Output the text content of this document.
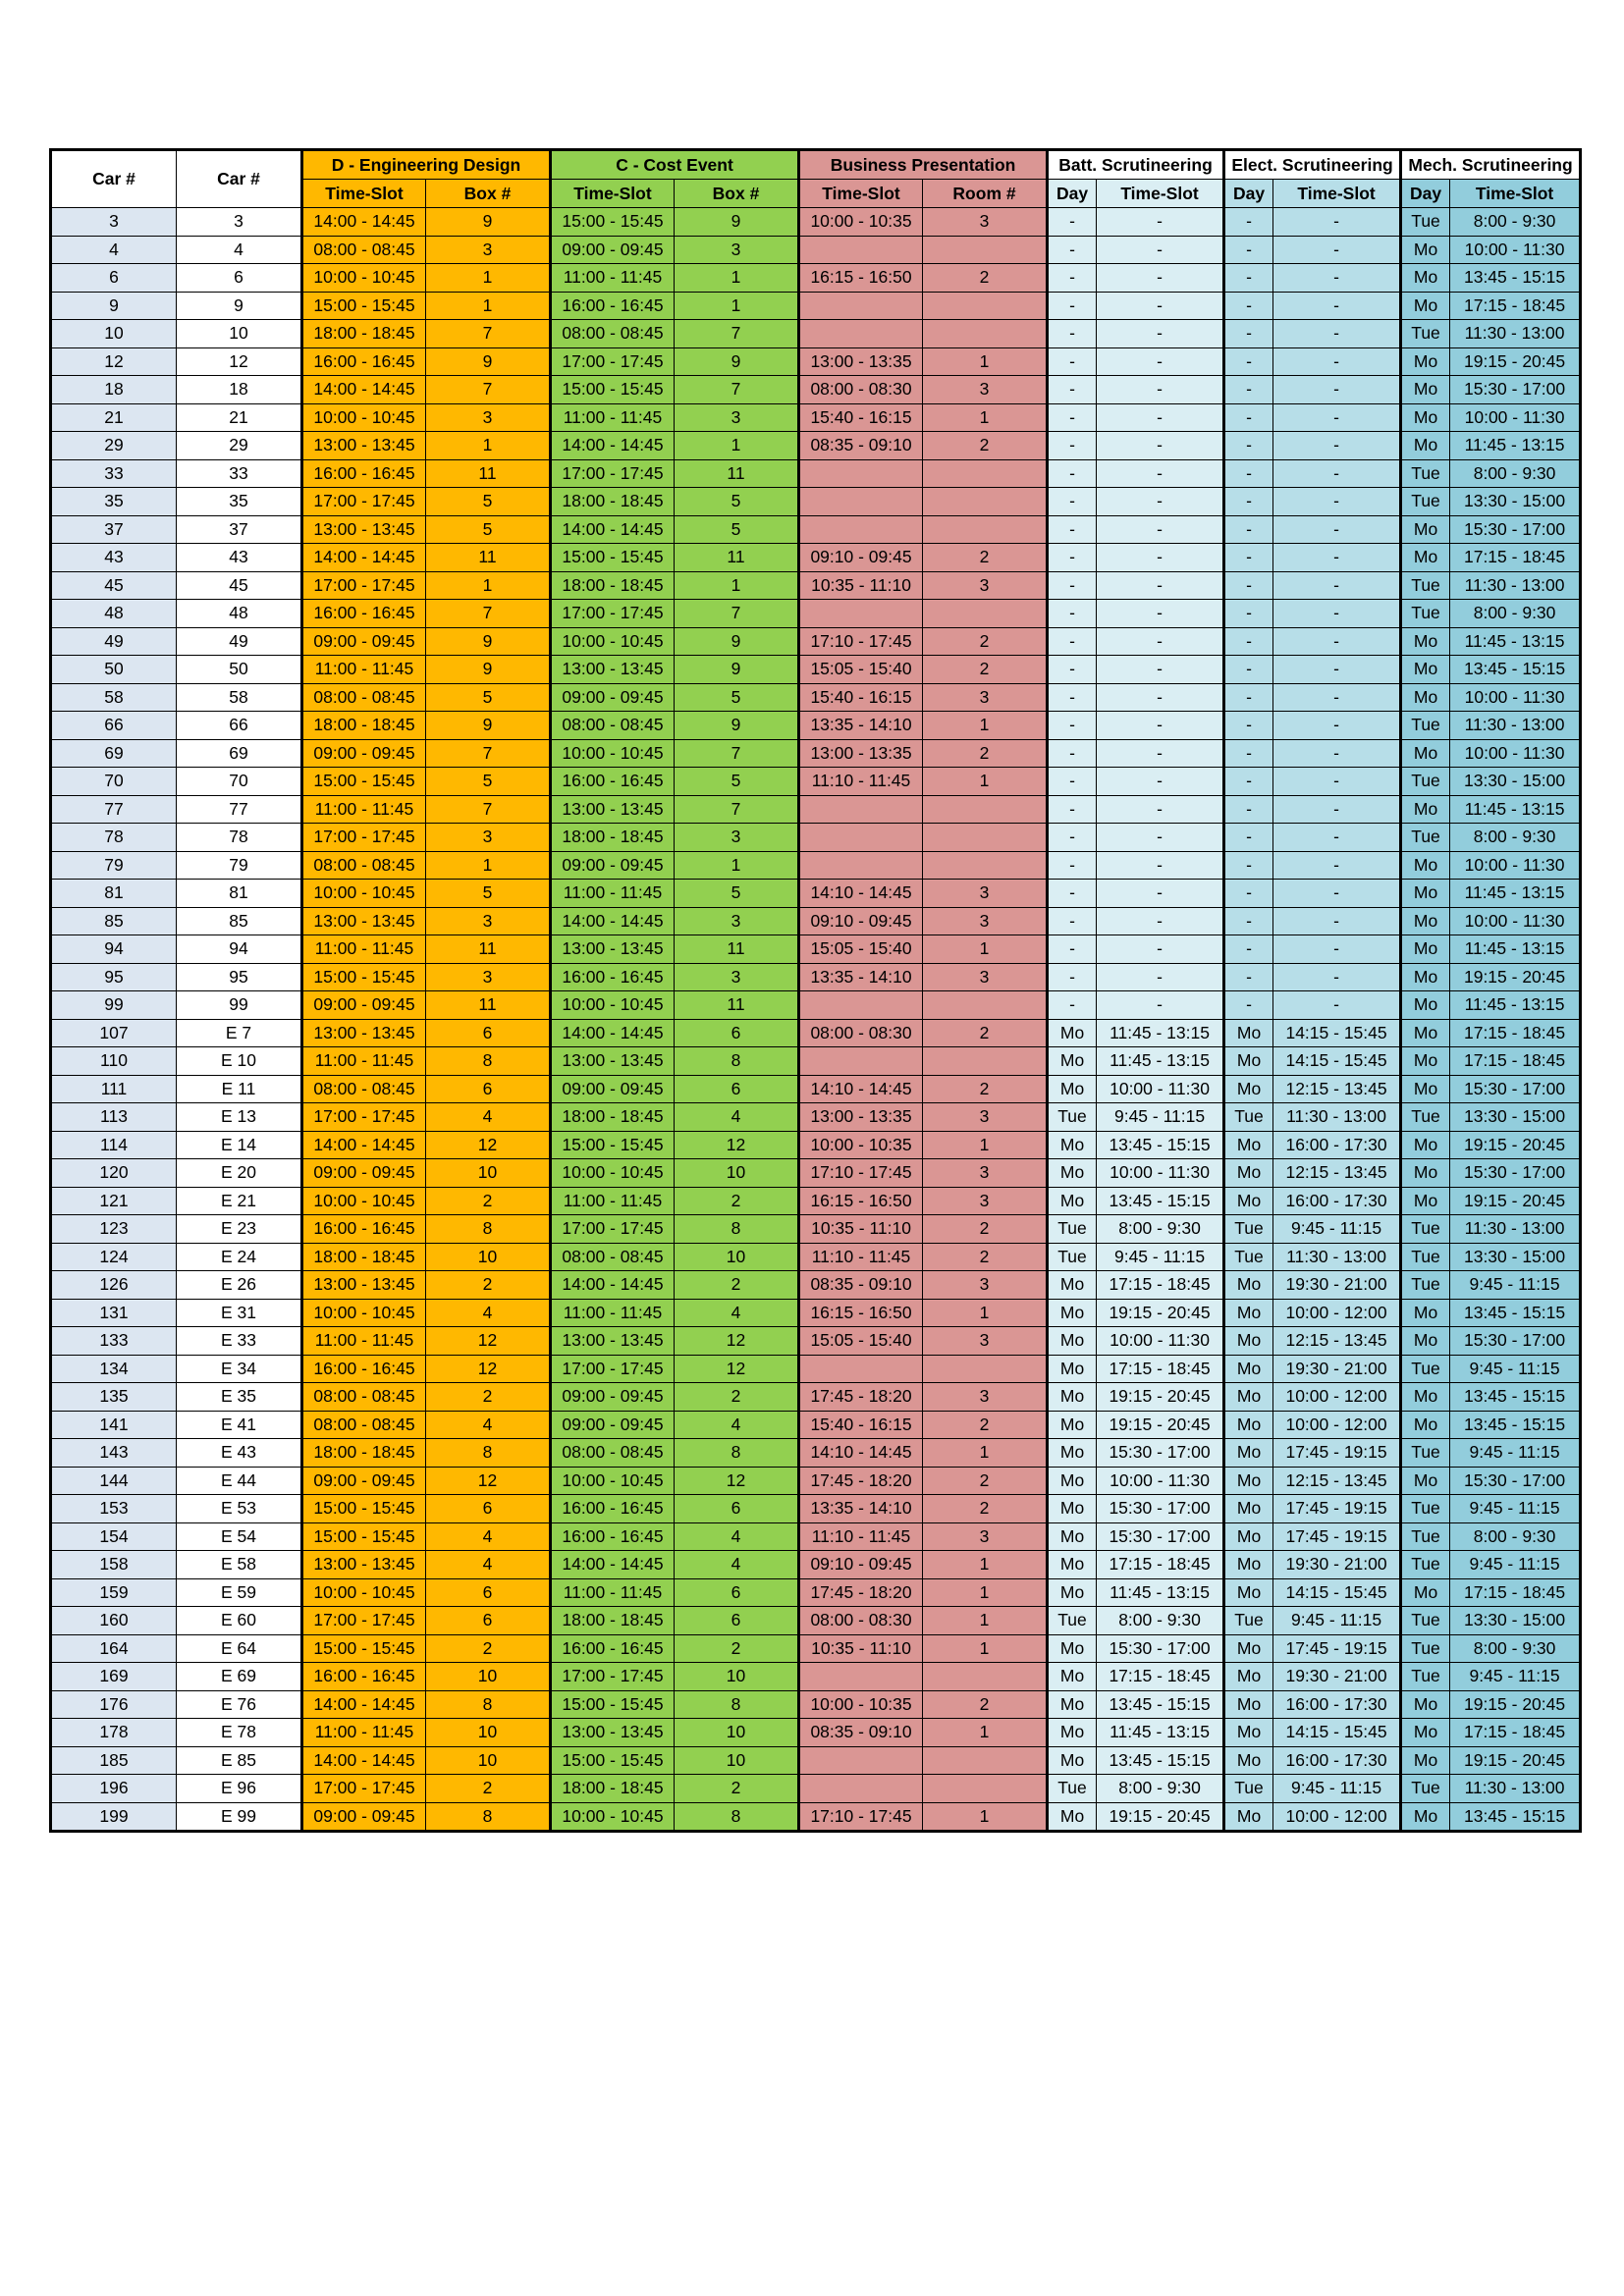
Car #	Car #	D - Engineering Design		C - Cost Event		Business Presentation		Batt. Scrutineering		Elect. Scrutineering		Mech. Scrutineering	
		Time-Slot	Box #	Time-Slot	Box #	Time-Slot	Room #	Day	Time-Slot	Day	Time-Slot	Day	Time-Slot
3	3	14:00 - 14:45	9	15:00 - 15:45	9	10:00 - 10:35	3	-	-	-	-	Tue	8:00 - 9:30
4	4	08:00 - 08:45	3	09:00 - 09:45	3			-	-	-	-	Mo	10:00 - 11:30
6	6	10:00 - 10:45	1	11:00 - 11:45	1	16:15 - 16:50	2	-	-	-	-	Mo	13:45 - 15:15
9	9	15:00 - 15:45	1	16:00 - 16:45	1			-	-	-	-	Mo	17:15 - 18:45
10	10	18:00 - 18:45	7	08:00 - 08:45	7			-	-	-	-	Tue	11:30 - 13:00
12	12	16:00 - 16:45	9	17:00 - 17:45	9	13:00 - 13:35	1	-	-	-	-	Mo	19:15 - 20:45
18	18	14:00 - 14:45	7	15:00 - 15:45	7	08:00 - 08:30	3	-	-	-	-	Mo	15:30 - 17:00
21	21	10:00 - 10:45	3	11:00 - 11:45	3	15:40 - 16:15	1	-	-	-	-	Mo	10:00 - 11:30
29	29	13:00 - 13:45	1	14:00 - 14:45	1	08:35 - 09:10	2	-	-	-	-	Mo	11:45 - 13:15
33	33	16:00 - 16:45	11	17:00 - 17:45	11			-	-	-	-	Tue	8:00 - 9:30
35	35	17:00 - 17:45	5	18:00 - 18:45	5			-	-	-	-	Tue	13:30 - 15:00
37	37	13:00 - 13:45	5	14:00 - 14:45	5			-	-	-	-	Mo	15:30 - 17:00
43	43	14:00 - 14:45	11	15:00 - 15:45	11	09:10 - 09:45	2	-	-	-	-	Mo	17:15 - 18:45
45	45	17:00 - 17:45	1	18:00 - 18:45	1	10:35 - 11:10	3	-	-	-	-	Tue	11:30 - 13:00
48	48	16:00 - 16:45	7	17:00 - 17:45	7			-	-	-	-	Tue	8:00 - 9:30
49	49	09:00 - 09:45	9	10:00 - 10:45	9	17:10 - 17:45	2	-	-	-	-	Mo	11:45 - 13:15
50	50	11:00 - 11:45	9	13:00 - 13:45	9	15:05 - 15:40	2	-	-	-	-	Mo	13:45 - 15:15
58	58	08:00 - 08:45	5	09:00 - 09:45	5	15:40 - 16:15	3	-	-	-	-	Mo	10:00 - 11:30
66	66	18:00 - 18:45	9	08:00 - 08:45	9	13:35 - 14:10	1	-	-	-	-	Tue	11:30 - 13:00
69	69	09:00 - 09:45	7	10:00 - 10:45	7	13:00 - 13:35	2	-	-	-	-	Mo	10:00 - 11:30
70	70	15:00 - 15:45	5	16:00 - 16:45	5	11:10 - 11:45	1	-	-	-	-	Tue	13:30 - 15:00
77	77	11:00 - 11:45	7	13:00 - 13:45	7			-	-	-	-	Mo	11:45 - 13:15
78	78	17:00 - 17:45	3	18:00 - 18:45	3			-	-	-	-	Tue	8:00 - 9:30
79	79	08:00 - 08:45	1	09:00 - 09:45	1			-	-	-	-	Mo	10:00 - 11:30
81	81	10:00 - 10:45	5	11:00 - 11:45	5	14:10 - 14:45	3	-	-	-	-	Mo	11:45 - 13:15
85	85	13:00 - 13:45	3	14:00 - 14:45	3	09:10 - 09:45	3	-	-	-	-	Mo	10:00 - 11:30
94	94	11:00 - 11:45	11	13:00 - 13:45	11	15:05 - 15:40	1	-	-	-	-	Mo	11:45 - 13:15
95	95	15:00 - 15:45	3	16:00 - 16:45	3	13:35 - 14:10	3	-	-	-	-	Mo	19:15 - 20:45
99	99	09:00 - 09:45	11	10:00 - 10:45	11			-	-	-	-	Mo	11:45 - 13:15
107	E 7	13:00 - 13:45	6	14:00 - 14:45	6	08:00 - 08:30	2	Mo	11:45 - 13:15	Mo	14:15 - 15:45	Mo	17:15 - 18:45
110	E 10	11:00 - 11:45	8	13:00 - 13:45	8			Mo	11:45 - 13:15	Mo	14:15 - 15:45	Mo	17:15 - 18:45
111	E 11	08:00 - 08:45	6	09:00 - 09:45	6	14:10 - 14:45	2	Mo	10:00 - 11:30	Mo	12:15 - 13:45	Mo	15:30 - 17:00
113	E 13	17:00 - 17:45	4	18:00 - 18:45	4	13:00 - 13:35	3	Tue	9:45 - 11:15	Tue	11:30 - 13:00	Tue	13:30 - 15:00
114	E 14	14:00 - 14:45	12	15:00 - 15:45	12	10:00 - 10:35	1	Mo	13:45 - 15:15	Mo	16:00 - 17:30	Mo	19:15 - 20:45
120	E 20	09:00 - 09:45	10	10:00 - 10:45	10	17:10 - 17:45	3	Mo	10:00 - 11:30	Mo	12:15 - 13:45	Mo	15:30 - 17:00
121	E 21	10:00 - 10:45	2	11:00 - 11:45	2	16:15 - 16:50	3	Mo	13:45 - 15:15	Mo	16:00 - 17:30	Mo	19:15 - 20:45
123	E 23	16:00 - 16:45	8	17:00 - 17:45	8	10:35 - 11:10	2	Tue	8:00 - 9:30	Tue	9:45 - 11:15	Tue	11:30 - 13:00
124	E 24	18:00 - 18:45	10	08:00 - 08:45	10	11:10 - 11:45	2	Tue	9:45 - 11:15	Tue	11:30 - 13:00	Tue	13:30 - 15:00
126	E 26	13:00 - 13:45	2	14:00 - 14:45	2	08:35 - 09:10	3	Mo	17:15 - 18:45	Mo	19:30 - 21:00	Tue	9:45 - 11:15
131	E 31	10:00 - 10:45	4	11:00 - 11:45	4	16:15 - 16:50	1	Mo	19:15 - 20:45	Mo	10:00 - 12:00	Mo	13:45 - 15:15
133	E 33	11:00 - 11:45	12	13:00 - 13:45	12	15:05 - 15:40	3	Mo	10:00 - 11:30	Mo	12:15 - 13:45	Mo	15:30 - 17:00
134	E 34	16:00 - 16:45	12	17:00 - 17:45	12			Mo	17:15 - 18:45	Mo	19:30 - 21:00	Tue	9:45 - 11:15
135	E 35	08:00 - 08:45	2	09:00 - 09:45	2	17:45 - 18:20	3	Mo	19:15 - 20:45	Mo	10:00 - 12:00	Mo	13:45 - 15:15
141	E 41	08:00 - 08:45	4	09:00 - 09:45	4	15:40 - 16:15	2	Mo	19:15 - 20:45	Mo	10:00 - 12:00	Mo	13:45 - 15:15
143	E 43	18:00 - 18:45	8	08:00 - 08:45	8	14:10 - 14:45	1	Mo	15:30 - 17:00	Mo	17:45 - 19:15	Tue	9:45 - 11:15
144	E 44	09:00 - 09:45	12	10:00 - 10:45	12	17:45 - 18:20	2	Mo	10:00 - 11:30	Mo	12:15 - 13:45	Mo	15:30 - 17:00
153	E 53	15:00 - 15:45	6	16:00 - 16:45	6	13:35 - 14:10	2	Mo	15:30 - 17:00	Mo	17:45 - 19:15	Tue	9:45 - 11:15
154	E 54	15:00 - 15:45	4	16:00 - 16:45	4	11:10 - 11:45	3	Mo	15:30 - 17:00	Mo	17:45 - 19:15	Tue	8:00 - 9:30
158	E 58	13:00 - 13:45	4	14:00 - 14:45	4	09:10 - 09:45	1	Mo	17:15 - 18:45	Mo	19:30 - 21:00	Tue	9:45 - 11:15
159	E 59	10:00 - 10:45	6	11:00 - 11:45	6	17:45 - 18:20	1	Mo	11:45 - 13:15	Mo	14:15 - 15:45	Mo	17:15 - 18:45
160	E 60	17:00 - 17:45	6	18:00 - 18:45	6	08:00 - 08:30	1	Tue	8:00 - 9:30	Tue	9:45 - 11:15	Tue	13:30 - 15:00
164	E 64	15:00 - 15:45	2	16:00 - 16:45	2	10:35 - 11:10	1	Mo	15:30 - 17:00	Mo	17:45 - 19:15	Tue	8:00 - 9:30
169	E 69	16:00 - 16:45	10	17:00 - 17:45	10			Mo	17:15 - 18:45	Mo	19:30 - 21:00	Tue	9:45 - 11:15
176	E 76	14:00 - 14:45	8	15:00 - 15:45	8	10:00 - 10:35	2	Mo	13:45 - 15:15	Mo	16:00 - 17:30	Mo	19:15 - 20:45
178	E 78	11:00 - 11:45	10	13:00 - 13:45	10	08:35 - 09:10	1	Mo	11:45 - 13:15	Mo	14:15 - 15:45	Mo	17:15 - 18:45
185	E 85	14:00 - 14:45	10	15:00 - 15:45	10			Mo	13:45 - 15:15	Mo	16:00 - 17:30	Mo	19:15 - 20:45
196	E 96	17:00 - 17:45	2	18:00 - 18:45	2			Tue	8:00 - 9:30	Tue	9:45 - 11:15	Tue	11:30 - 13:00
199	E 99	09:00 - 09:45	8	10:00 - 10:45	8	17:10 - 17:45	1	Mo	19:15 - 20:45	Mo	10:00 - 12:00	Mo	13:45 - 15:15
